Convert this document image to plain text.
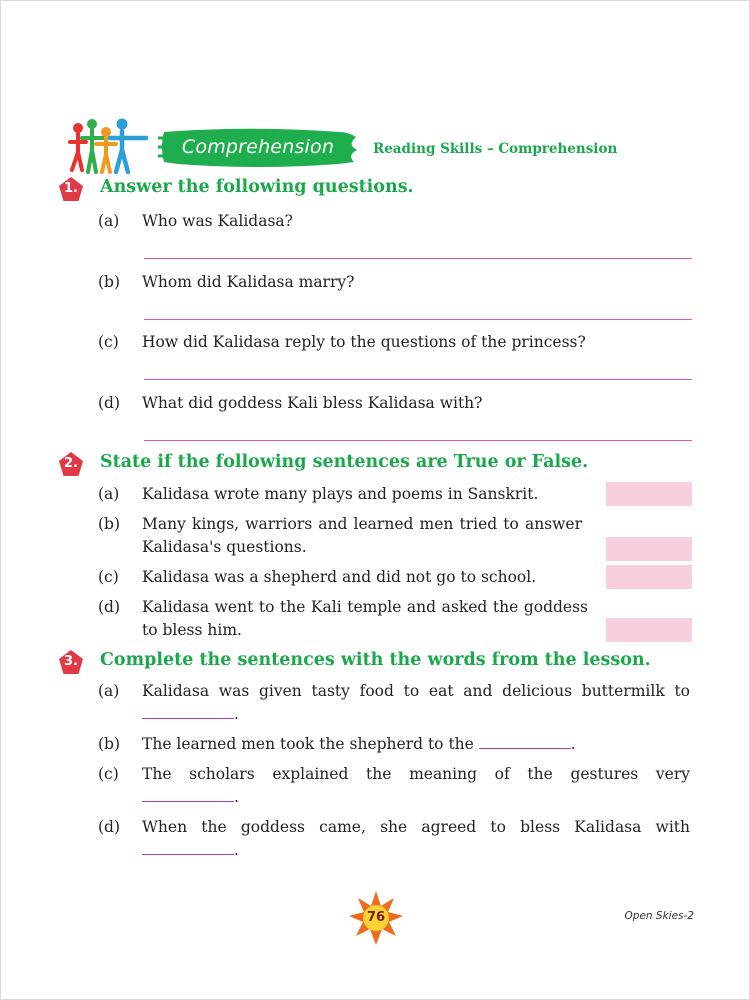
Comprehension	Reading Skills – Comprehension
1.	Answer the following questions.
(a)	Who was Kalidasa?
(b)	Whom did Kalidasa marry?
(c)	How did Kalidasa reply to the questions of the princess?
(d)	What did goddess Kali bless Kalidasa with?
2.	State if the following sentences are True or False.
(a)	Kalidasa wrote many plays and poems in Sanskrit.
(b)	Many kings, warriors and learned men tried to answer Kalidasa's questions.
(c)	Kalidasa was a shepherd and did not go to school.
(d)	Kalidasa went to the Kali temple and asked the goddess to bless him.
3.	Complete the sentences with the words from the lesson.
(a)	Kalidasa was given tasty food to eat and delicious buttermilk to.
(b)	The learned men took the shepherd to the	.
(c)	The scholars explained the meaning of the gestures very.
(d)	When the goddess came, she agreed to bless Kalidasa with.
76	Open Skies-2
